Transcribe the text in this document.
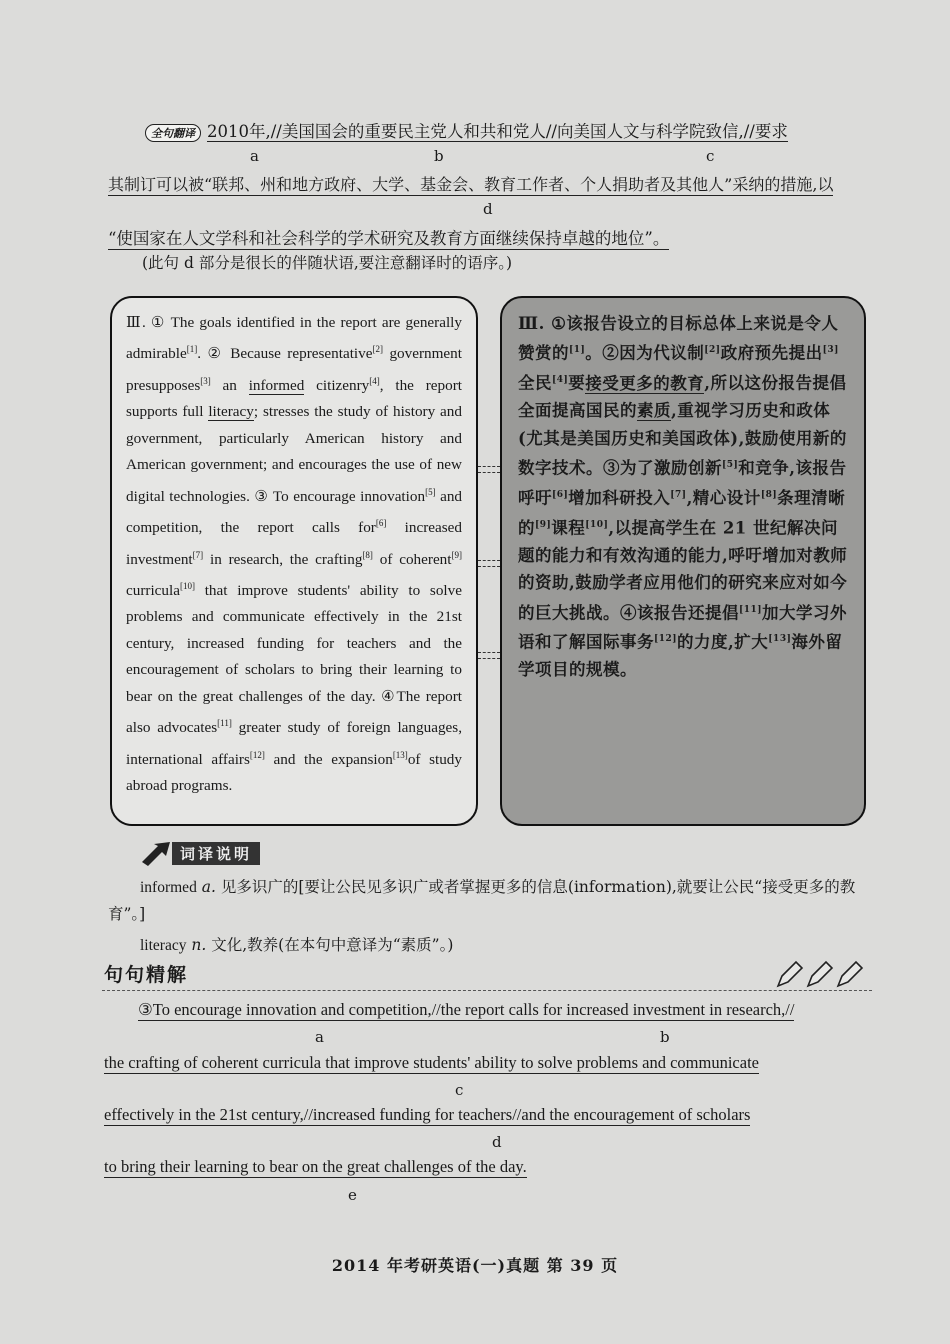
全句翻译 2010年,//美国国会的重要民主党人和共和党人//向美国人文与科学院致信,//要求
a	b	c
其制订可以被“联邦、州和地方政府、大学、基金会、教育工作者、个人捐助者及其他人”采纳的措施,以
d
“使国家在人文学科和社会科学的学术研究及教育方面继续保持卓越的地位”。
(此句 d 部分是很长的伴随状语,要注意翻译时的语序。)

Ⅲ. ① The goals identified in the report are generally admirable[1]. ② Because representative[2] government presupposes[3] an informed citizenry[4], the report supports full literacy; stresses the study of history and government, particularly American history and American government; and encourages the use of new digital technologies. ③ To encourage innovation[5] and competition, the report calls for[6] increased investment[7] in research, the crafting[8] of coherent[9] curricula[10] that improve students' ability to solve problems and communicate effectively in the 21st century, increased funding for teachers and the encouragement of scholars to bring their learning to bear on the great challenges of the day. ④The report also advocates[11] greater study of foreign languages, international affairs[12] and the expansion[13]of study abroad programs.

Ⅲ. ①该报告设立的目标总体上来说是令人赞赏的[1]。②因为代议制[2]政府预先提出[3]全民[4]要接受更多的教育,所以这份报告提倡全面提高国民的素质,重视学习历史和政体(尤其是美国历史和美国政体),鼓励使用新的数字技术。③为了激励创新[5]和竞争,该报告呼吁[6]增加科研投入[7],精心设计[8]条理清晰的[9]课程[10],以提高学生在 21 世纪解决问题的能力和有效沟通的能力,呼吁增加对教师的资助,鼓励学者应用他们的研究来应对如今的巨大挑战。④该报告还提倡[11]加大学习外语和了解国际事务[12]的力度,扩大[13]海外留学项目的规模。

词译说明

informed a. 见多识广的[要让公民见多识广或者掌握更多的信息(information),就要让公民“接受更多的教育”。]

literacy n. 文化,教养(在本句中意译为“素质”。)

句句精解
③To encourage innovation and competition,//the report calls for increased investment in research,//
a	b
the crafting of coherent curricula that improve students' ability to solve problems and communicate
c
effectively in the 21st century,//increased funding for teachers//and the encouragement of scholars
d
to bring their learning to bear on the great challenges of the day.
e
2014 年考研英语(一)真题 第 39 页
